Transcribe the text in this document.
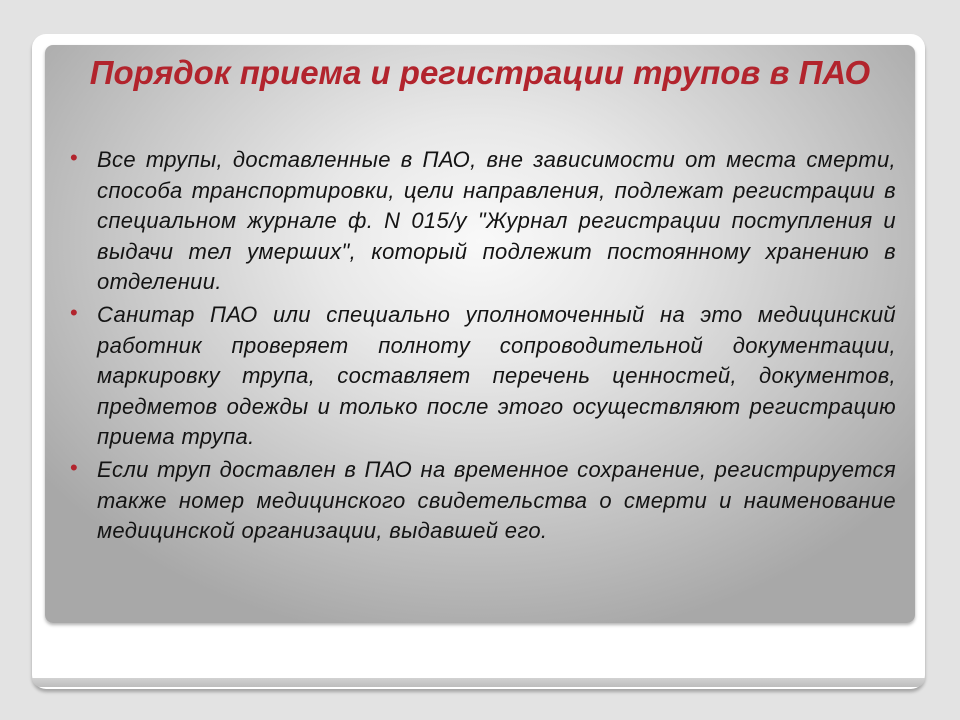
Порядок приема и регистрации трупов в ПАО
• Все трупы, доставленные в ПАО, вне зависимости от места смерти, способа транспортировки, цели направления, подлежат регистрации в специальном журнале ф. N 015/у "Журнал регистрации поступления и выдачи тел умерших", который подлежит постоянному хранению в отделении.
• Санитар ПАО или специально уполномоченный на это медицинский работник проверяет полноту сопроводительной документации, маркировку трупа, составляет перечень ценностей, документов, предметов одежды и только после этого осуществляют регистрацию приема трупа.
• Если труп доставлен в ПАО на временное сохранение, регистрируется также номер медицинского свидетельства о смерти и наименование медицинской организации, выдавшей его.
